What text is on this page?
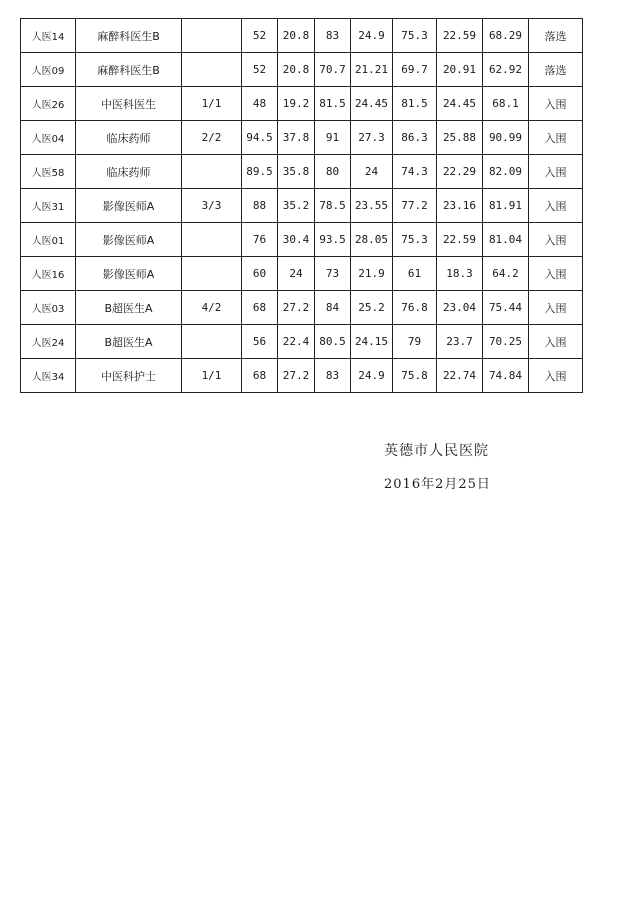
人医14	麻醉科医生B		52	20.8	83	24.9	75.3	22.59	68.29	落选
人医09	麻醉科医生B		52	20.8	70.7	21.21	69.7	20.91	62.92	落选
人医26	中医科医生	1/1	48	19.2	81.5	24.45	81.5	24.45	68.1	入围
人医04	临床药师	2/2	94.5	37.8	91	27.3	86.3	25.88	90.99	入围
人医58	临床药师		89.5	35.8	80	24	74.3	22.29	82.09	入围
人医31	影像医师A	3/3	88	35.2	78.5	23.55	77.2	23.16	81.91	入围
人医01	影像医师A		76	30.4	93.5	28.05	75.3	22.59	81.04	入围
人医16	影像医师A		60	24	73	21.9	61	18.3	64.2	入围
人医03	B超医生A	4/2	68	27.2	84	25.2	76.8	23.04	75.44	入围
人医24	B超医生A		56	22.4	80.5	24.15	79	23.7	70.25	入围
人医34	中医科护士	1/1	68	27.2	83	24.9	75.8	22.74	74.84	入围
英德市人民医院
2016年2月25日
